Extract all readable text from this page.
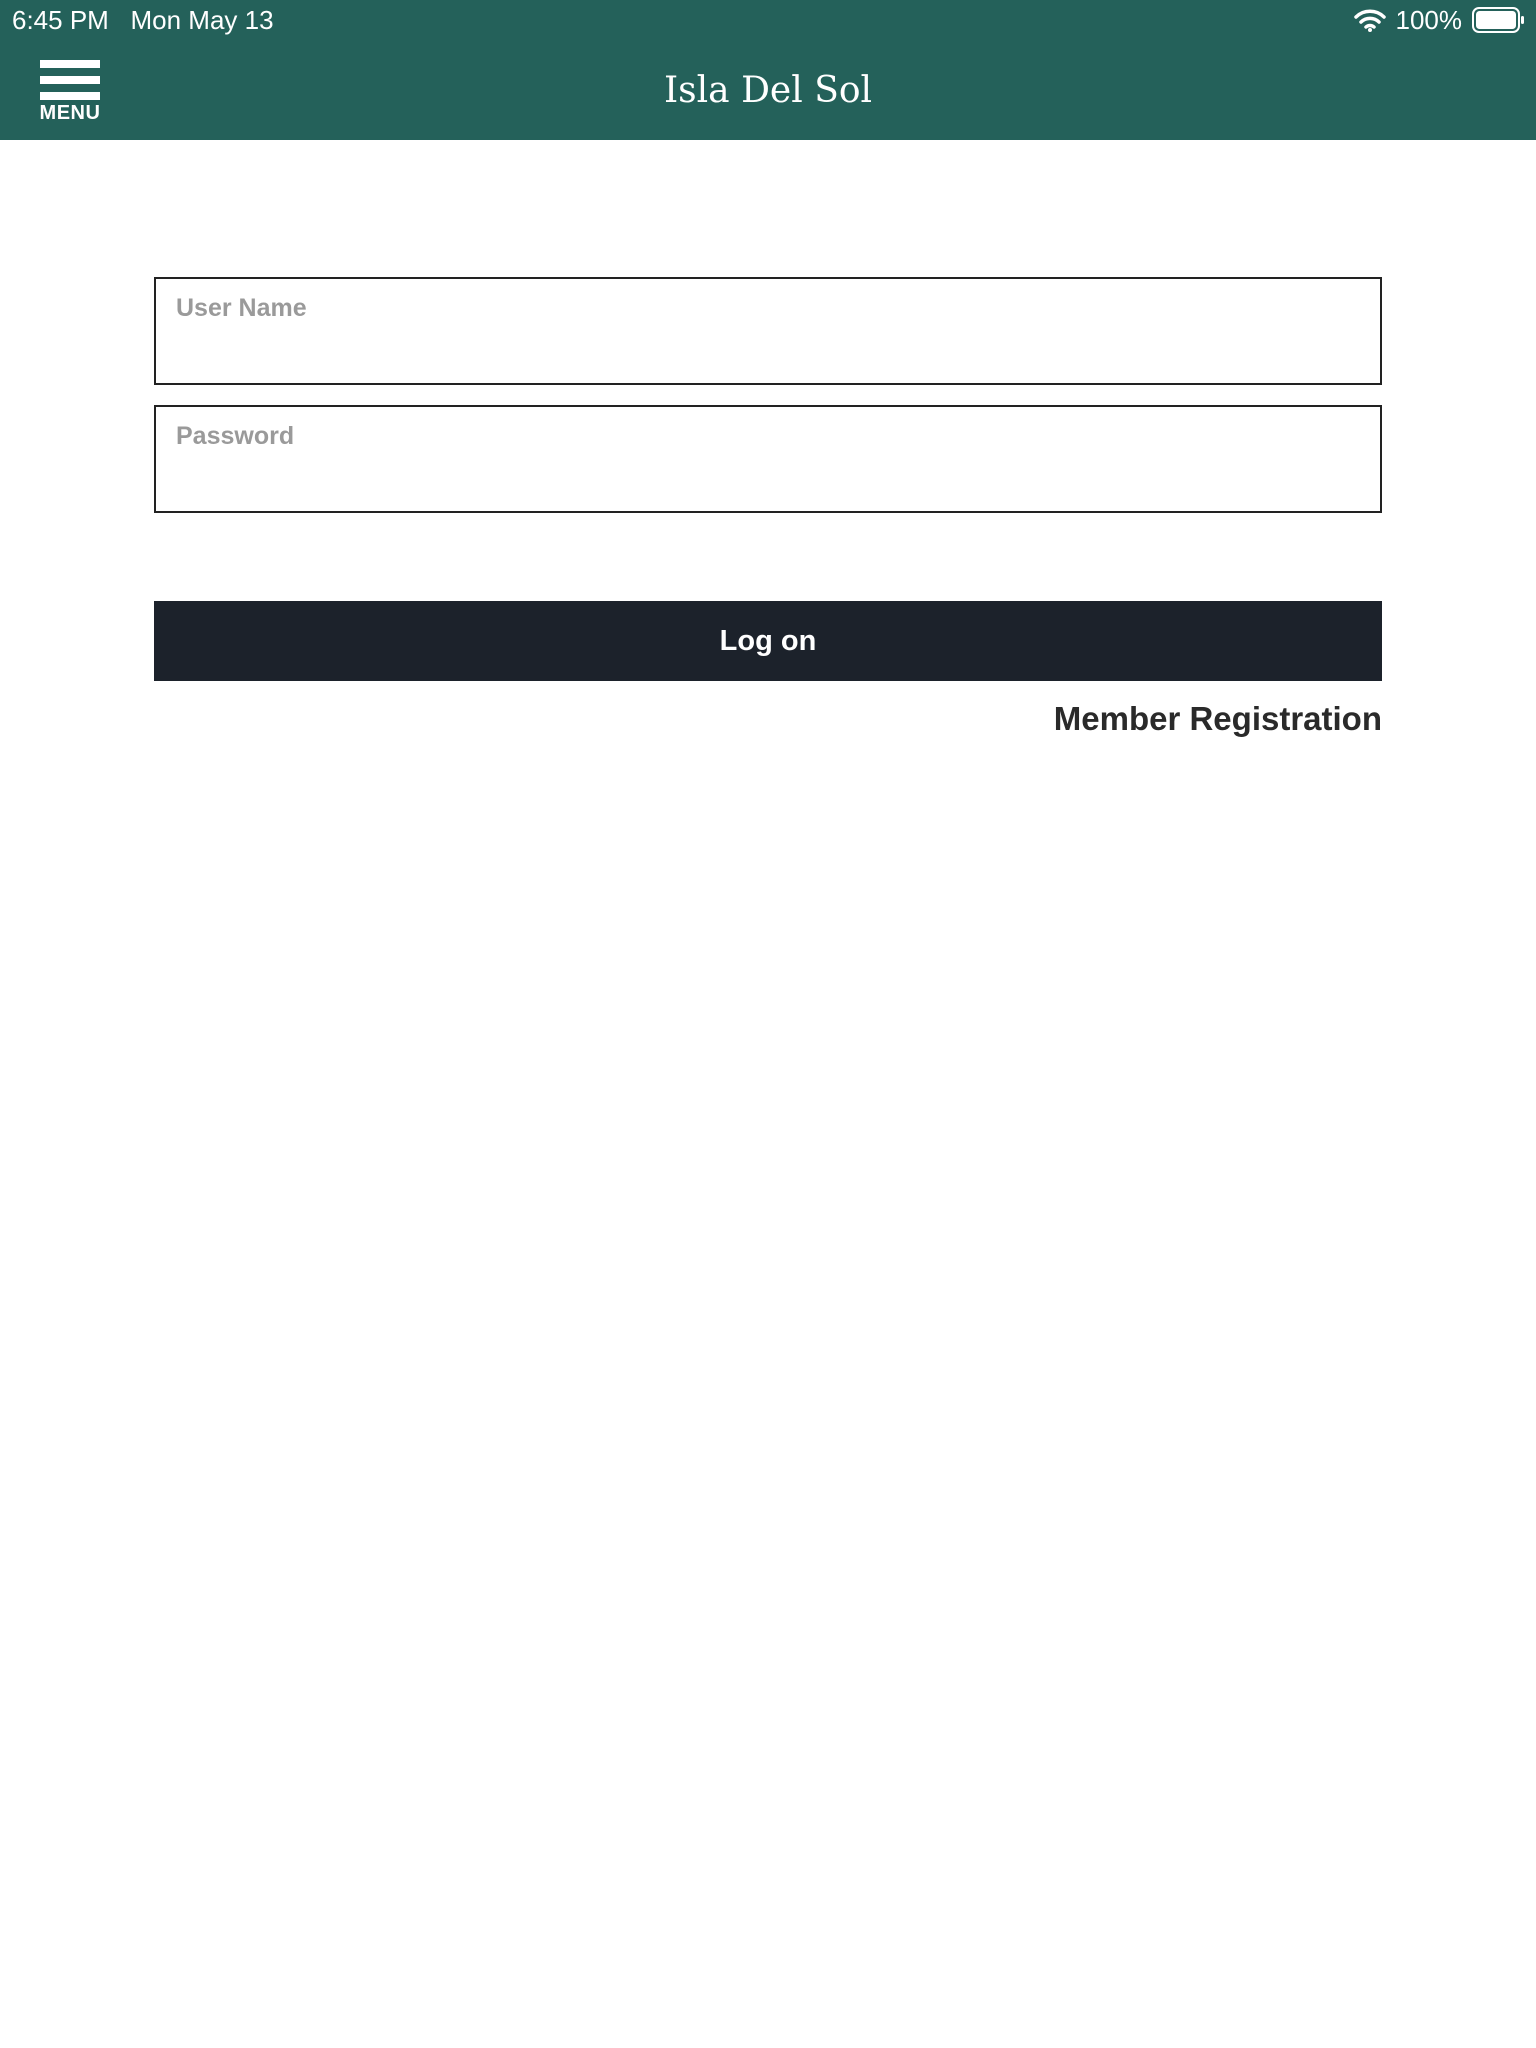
6:45 PM Mon May 13	100%
MENU
Isla Del Sol
User Name
Log on
Member Registration
